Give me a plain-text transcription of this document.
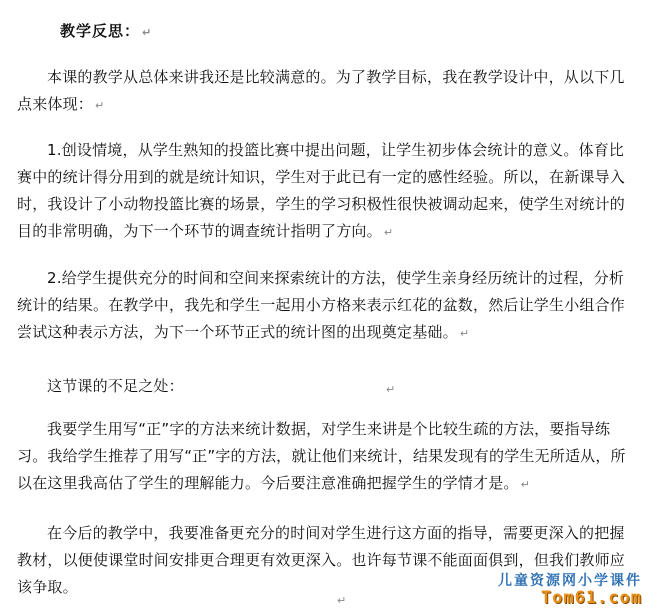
教学反思： ↵
本课的教学从总体来讲我还是比较满意的。为了教学目标，我在教学设计中，从以下几点来体现： ↵
1.创设情境，从学生熟知的投篮比赛中提出问题，让学生初步体会统计的意义。体育比赛中的统计得分用到的就是统计知识，学生对于此已有一定的感性经验。所以，在新课导入时，我设计了小动物投篮比赛的场景，学生的学习积极性很快被调动起来，使学生对统计的目的非常明确，为下一个环节的调查统计指明了方向。 ↵
2.给学生提供充分的时间和空间来探索统计的方法，使学生亲身经历统计的过程，分析统计的结果。在教学中，我先和学生一起用小方格来表示红花的盆数，然后让学生小组合作尝试这种表示方法，为下一个环节正式的统计图的出现奠定基础。 ↵
这节课的不足之处：	↵
我要学生用写“正”字的方法来统计数据，对学生来讲是个比较生疏的方法，要指导练习。我给学生推荐了用写“正”字的方法，就让他们来统计，结果发现有的学生无所适从，所以在这里我高估了学生的理解能力。今后要注意准确把握学生的学情才是。 ↵
在今后的教学中，我要准备更充分的时间对学生进行这方面的指导，需要更深入的把握教材，以便使课堂时间安排更合理更有效更深入。也许每节课不能面面俱到，但我们教师应该争取。
↵
儿童资源网小学课件
Tom61.com
